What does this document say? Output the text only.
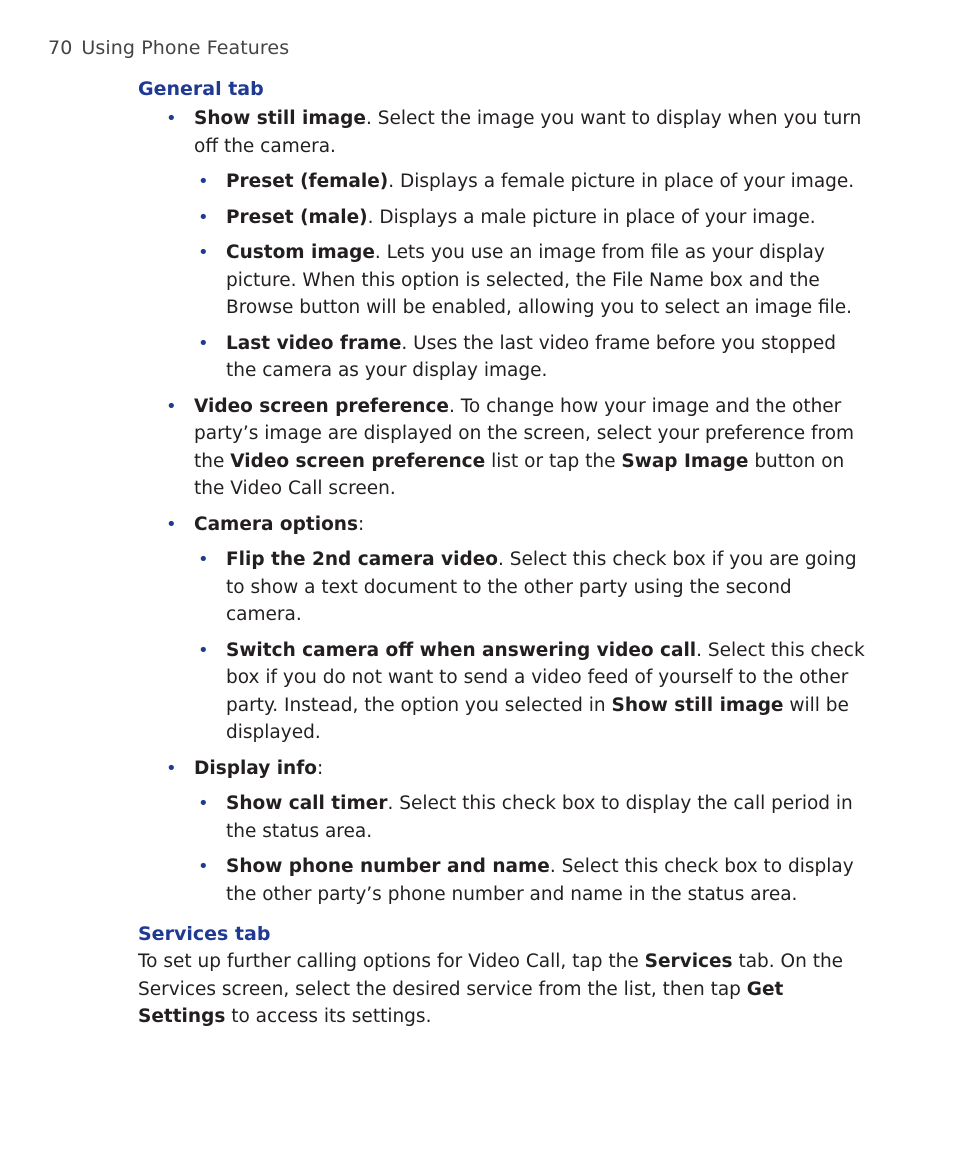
70 Using Phone Features
General tab
• Show still image. Select the image you want to display when you turn off the camera.
• Preset (female). Displays a female picture in place of your image.
• Preset (male). Displays a male picture in place of your image.
• Custom image. Lets you use an image from file as your display picture. When this option is selected, the File Name box and the Browse button will be enabled, allowing you to select an image file.
• Last video frame. Uses the last video frame before you stopped the camera as your display image.
• Video screen preference. To change how your image and the other party’s image are displayed on the screen, select your preference from the Video screen preference list or tap the Swap Image button on the Video Call screen.
• Camera options:
• Flip the 2nd camera video. Select this check box if you are going to show a text document to the other party using the second camera.
• Switch camera off when answering video call. Select this check box if you do not want to send a video feed of yourself to the other party. Instead, the option you selected in Show still image will be displayed.
• Display info:
• Show call timer. Select this check box to display the call period in the status area.
• Show phone number and name. Select this check box to display the other party’s phone number and name in the status area.
Services tab

To set up further calling options for Video Call, tap the Services tab. On the Services screen, select the desired service from the list, then tap Get Settings to access its settings.
